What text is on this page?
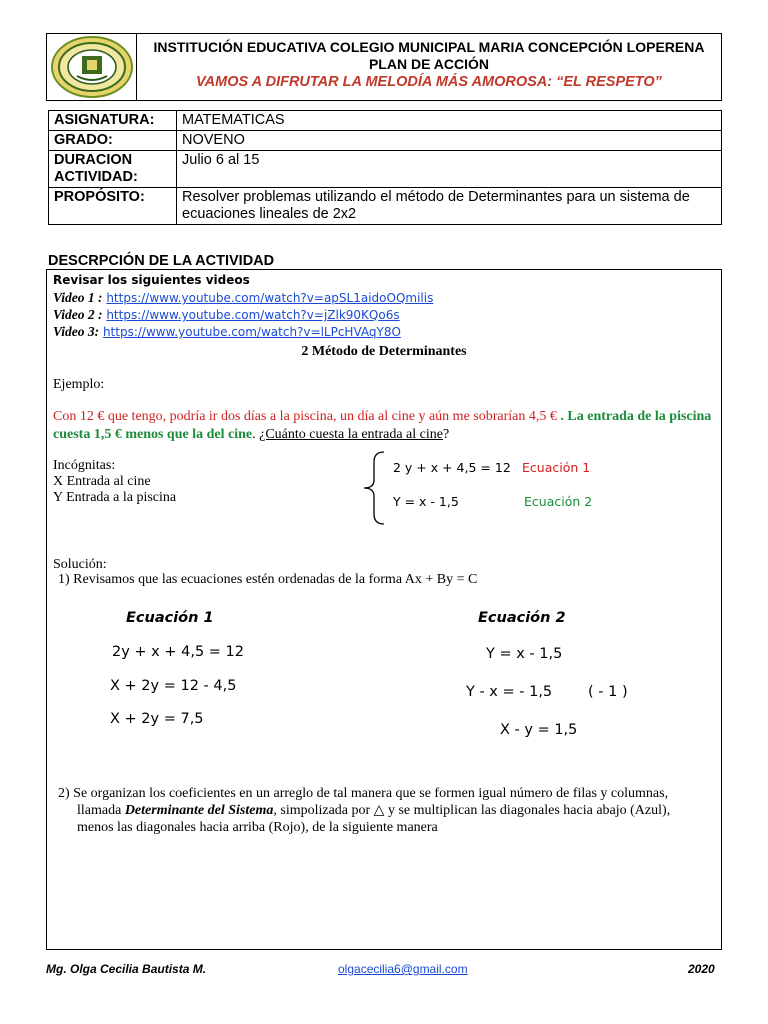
INSTITUCIÓN EDUCATIVA COLEGIO MUNICIPAL MARIA CONCEPCIÓN LOPERENA
PLAN DE ACCIÓN
VAMOS A DIFRUTAR LA MELODÍA MÁS AMOROSA: “EL RESPETO”
ASIGNATURA:	MATEMATICAS
GRADO:	NOVENO
DURACION
ACTIVIDAD:	Julio 6 al 15
PROPÓSITO:	Resolver problemas utilizando el método de Determinantes para un sistema de
ecuaciones lineales de 2x2
DESCRPCIÓN DE LA ACTIVIDAD
Revisar los siguientes videos
Video 1 : https://www.youtube.com/watch?v=apSL1aidoOQmilis
Video 2 : https://www.youtube.com/watch?v=jZlk90KQo6s
Video 3: https://www.youtube.com/watch?v=lLPcHVAqY8O
2 Método de Determinantes
Ejemplo:
Con 12 € que tengo, podría ir dos días a la piscina, un día al cine y aún me sobrarían 4,5 € . La entrada de la piscina
cuesta 1,5 € menos que la del cine. ¿Cuánto cuesta la entrada al cine?
Incógnitas:
X Entrada al cine
Y Entrada a la piscina
2 y + x + 4,5 = 12 Ecuación 1
Y = x - 1,5	Ecuación 2
Solución:
1) Revisamos que las ecuaciones estén ordenadas de la forma Ax + By = C
Ecuación 1
2y + x + 4,5 = 12
X + 2y = 12 - 4,5
X + 2y = 7,5
Ecuación 2
Y = x - 1,5
Y - x = - 1,5 ( - 1 )
X - y = 1,5
2) Se organizan los coeficientes en un arreglo de tal manera que se formen igual número de filas y columnas,
llamada Determinante del Sistema, simpolizada por △ y se multiplican las diagonales hacia abajo (Azul),
menos las diagonales hacia arriba (Rojo), de la siguiente manera
Mg. Olga Cecilia Bautista M.	olgacecilia6@gmail.com	2020
